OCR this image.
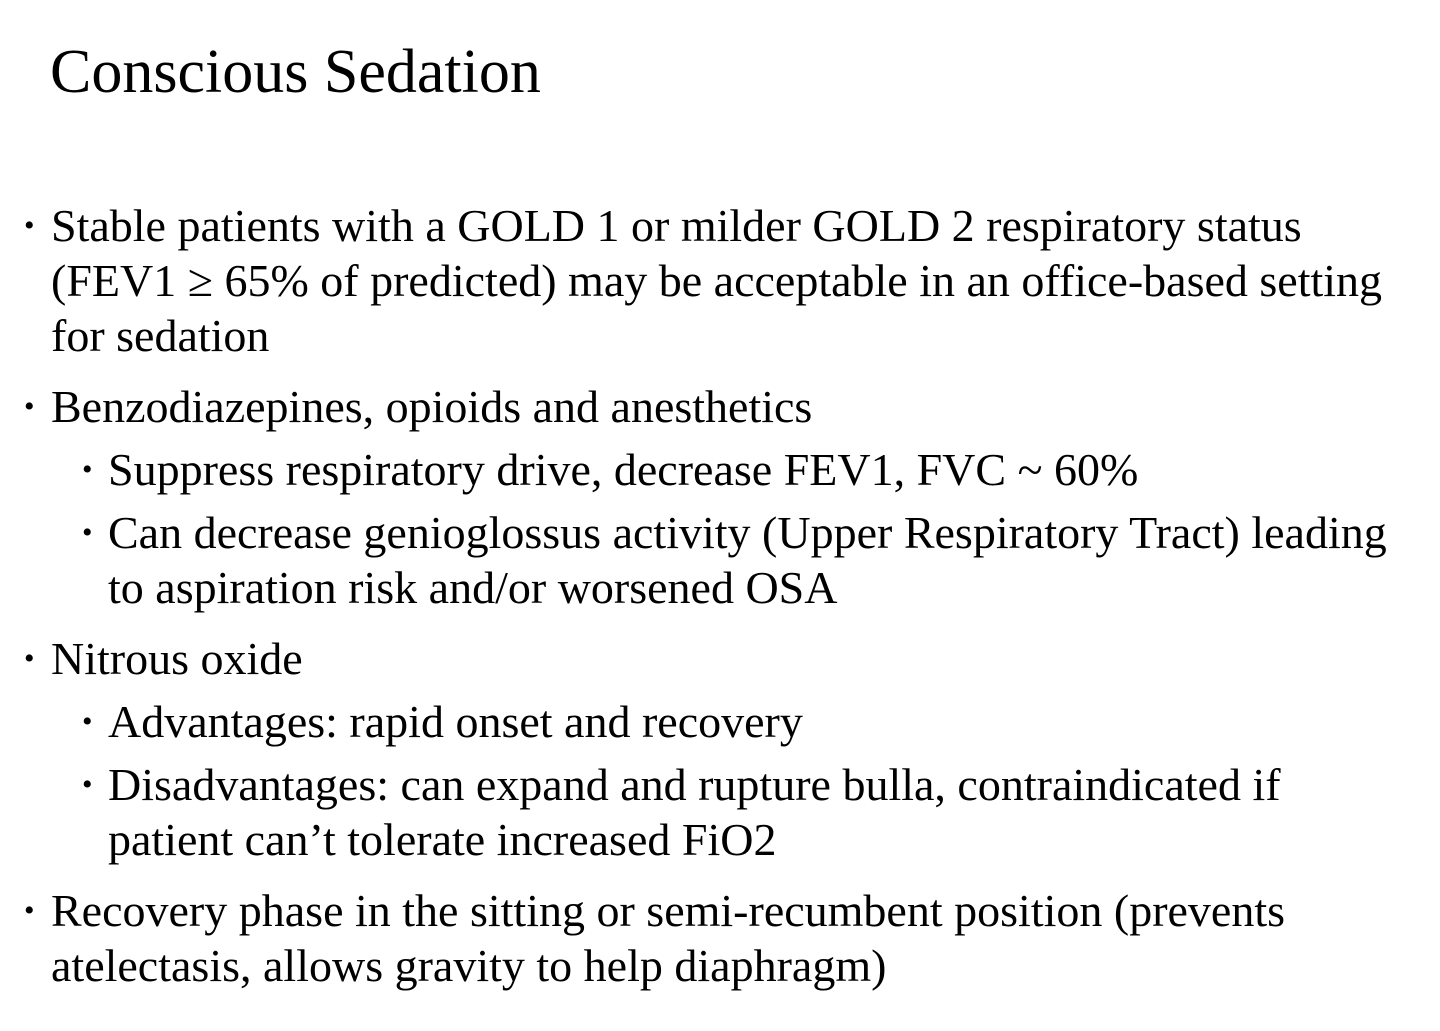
Conscious Sedation
• Stable patients with a GOLD 1 or milder GOLD 2 respiratory status (FEV1 ≥ 65% of predicted) may be acceptable in an office-based setting for sedation
• Benzodiazepines, opioids and anesthetics
• Suppress respiratory drive, decrease FEV1, FVC ~ 60%
• Can decrease genioglossus activity (Upper Respiratory Tract) leading to aspiration risk and/or worsened OSA
• Nitrous oxide
• Advantages: rapid onset and recovery
• Disadvantages: can expand and rupture bulla, contraindicated if patient can’t tolerate increased FiO2
• Recovery phase in the sitting or semi-recumbent position (prevents atelectasis, allows gravity to help diaphragm)
